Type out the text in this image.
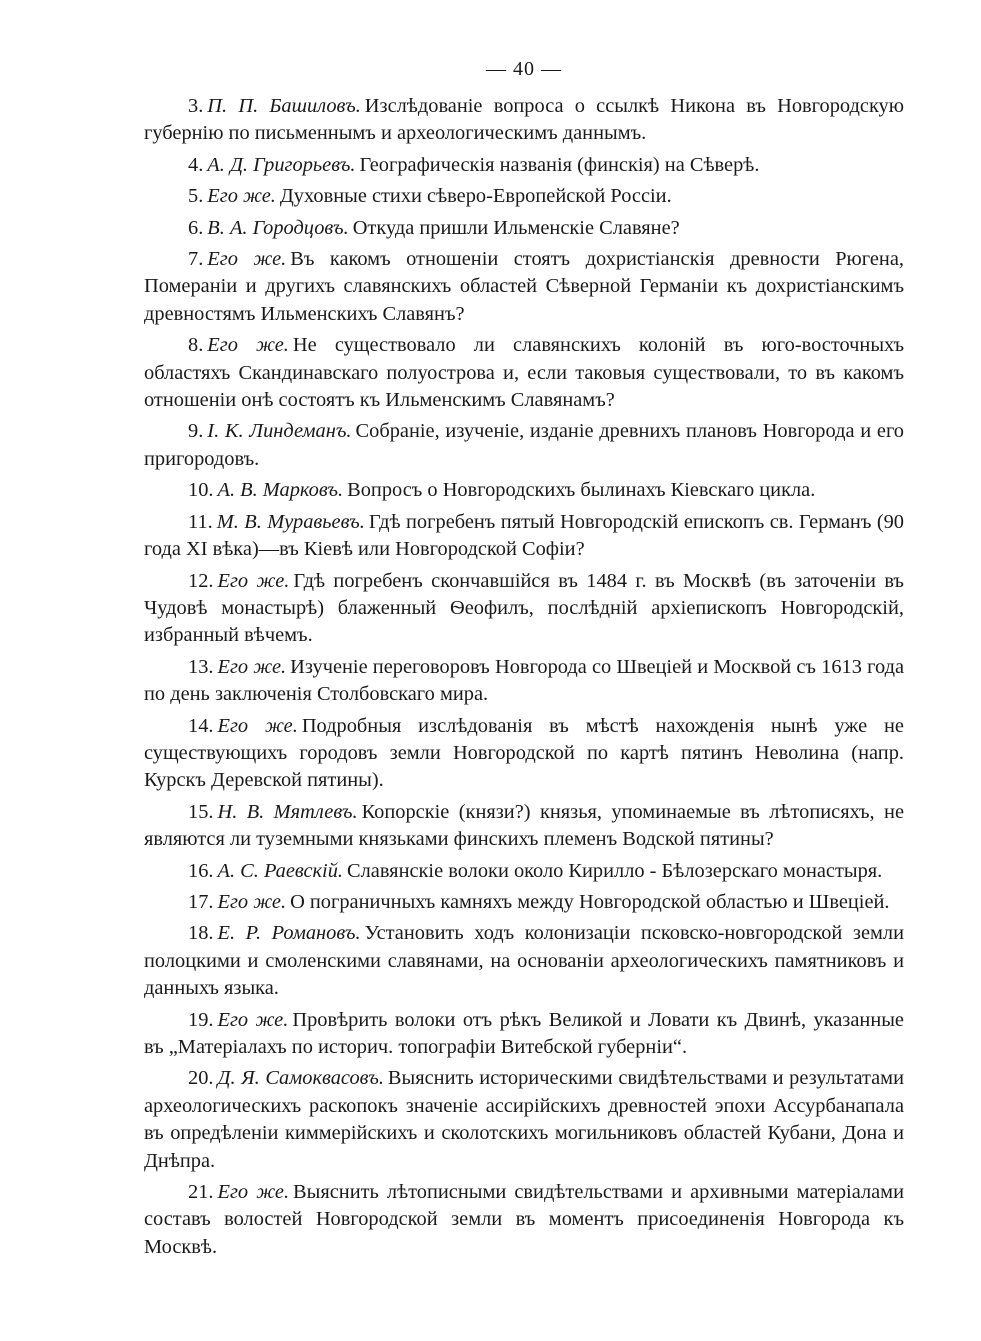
— 40 —

3. П. П. Башиловъ. Изслѣдованіе вопроса о ссылкѣ Никона въ Новгородскую губернію по письменнымъ и археологическимъ даннымъ.

4. А. Д. Григорьевъ. Географическія названія (финскія) на Сѣверѣ.

5. Его же. Духовные стихи сѣверо-Европейской Россіи.

6. В. А. Городцовъ. Откуда пришли Ильменскіе Славяне?

7. Его же. Въ какомъ отношеніи стоятъ дохристіанскія древности Рюгена, Помераніи и другихъ славянскихъ областей Сѣверной Германіи къ дохристіанскимъ древностямъ Ильменскихъ Славянъ?

8. Его же. Не существовало ли славянскихъ колоній въ юго-восточныхъ областяхъ Скандинавскаго полуострова и, если таковыя существовали, то въ какомъ отношеніи онѣ состоятъ къ Ильменскимъ Славянамъ?

9. І. К. Линдеманъ. Собраніе, изученіе, изданіе древнихъ плановъ Новгорода и его пригородовъ.

10. А. В. Марковъ. Вопросъ о Новгородскихъ былинахъ Кіевскаго цикла.

11. М. В. Муравьевъ. Гдѣ погребенъ пятый Новгородскій епископъ св. Германъ (90 года XI вѣка)—въ Кіевѣ или Новгородской Софіи?

12. Его же. Гдѣ погребенъ скончавшійся въ 1484 г. въ Москвѣ (въ заточеніи въ Чудовѣ монастырѣ) блаженный Ѳеофилъ, послѣдній архіепископъ Новгородскій, избранный вѣчемъ.

13. Его же. Изученіе переговоровъ Новгорода со Швеціей и Москвой съ 1613 года по день заключенія Столбовскаго мира.

14. Его же. Подробныя изслѣдованія въ мѣстѣ нахожденія нынѣ уже не существующихъ городовъ земли Новгородской по картѣ пятинъ Неволина (напр. Курскъ Деревской пятины).

15. Н. В. Мятлевъ. Копорскіе (князи?) князья, упоминаемые въ лѣтописяхъ, не являются ли туземными князьками финскихъ племенъ Водской пятины?

16. А. С. Раевскій. Славянскіе волоки около Кирилло - Бѣлозерскаго монастыря.

17. Его же. О пограничныхъ камняхъ между Новгородской областью и Швеціей.

18. Е. Р. Романовъ. Установить ходъ колонизаціи псковско-новгородской земли полоцкими и смоленскими славянами, на основаніи археологическихъ памятниковъ и данныхъ языка.

19. Его же. Провѣрить волоки отъ рѣкъ Великой и Ловати къ Двинѣ, указанные въ „Матеріалахъ по историч. топографіи Витебской губерніи“.

20. Д. Я. Самоквасовъ. Выяснить историческими свидѣтельствами и результатами археологическихъ раскопокъ значеніе ассирійскихъ древностей эпохи Ассурбанапала въ опредѣленіи киммерійскихъ и сколотскихъ могильниковъ областей Кубани, Дона и Днѣпра.

21. Его же. Выяснить лѣтописными свидѣтельствами и архивными матеріалами составъ волостей Новгородской земли въ моментъ присоединенія Новгорода къ Москвѣ.
